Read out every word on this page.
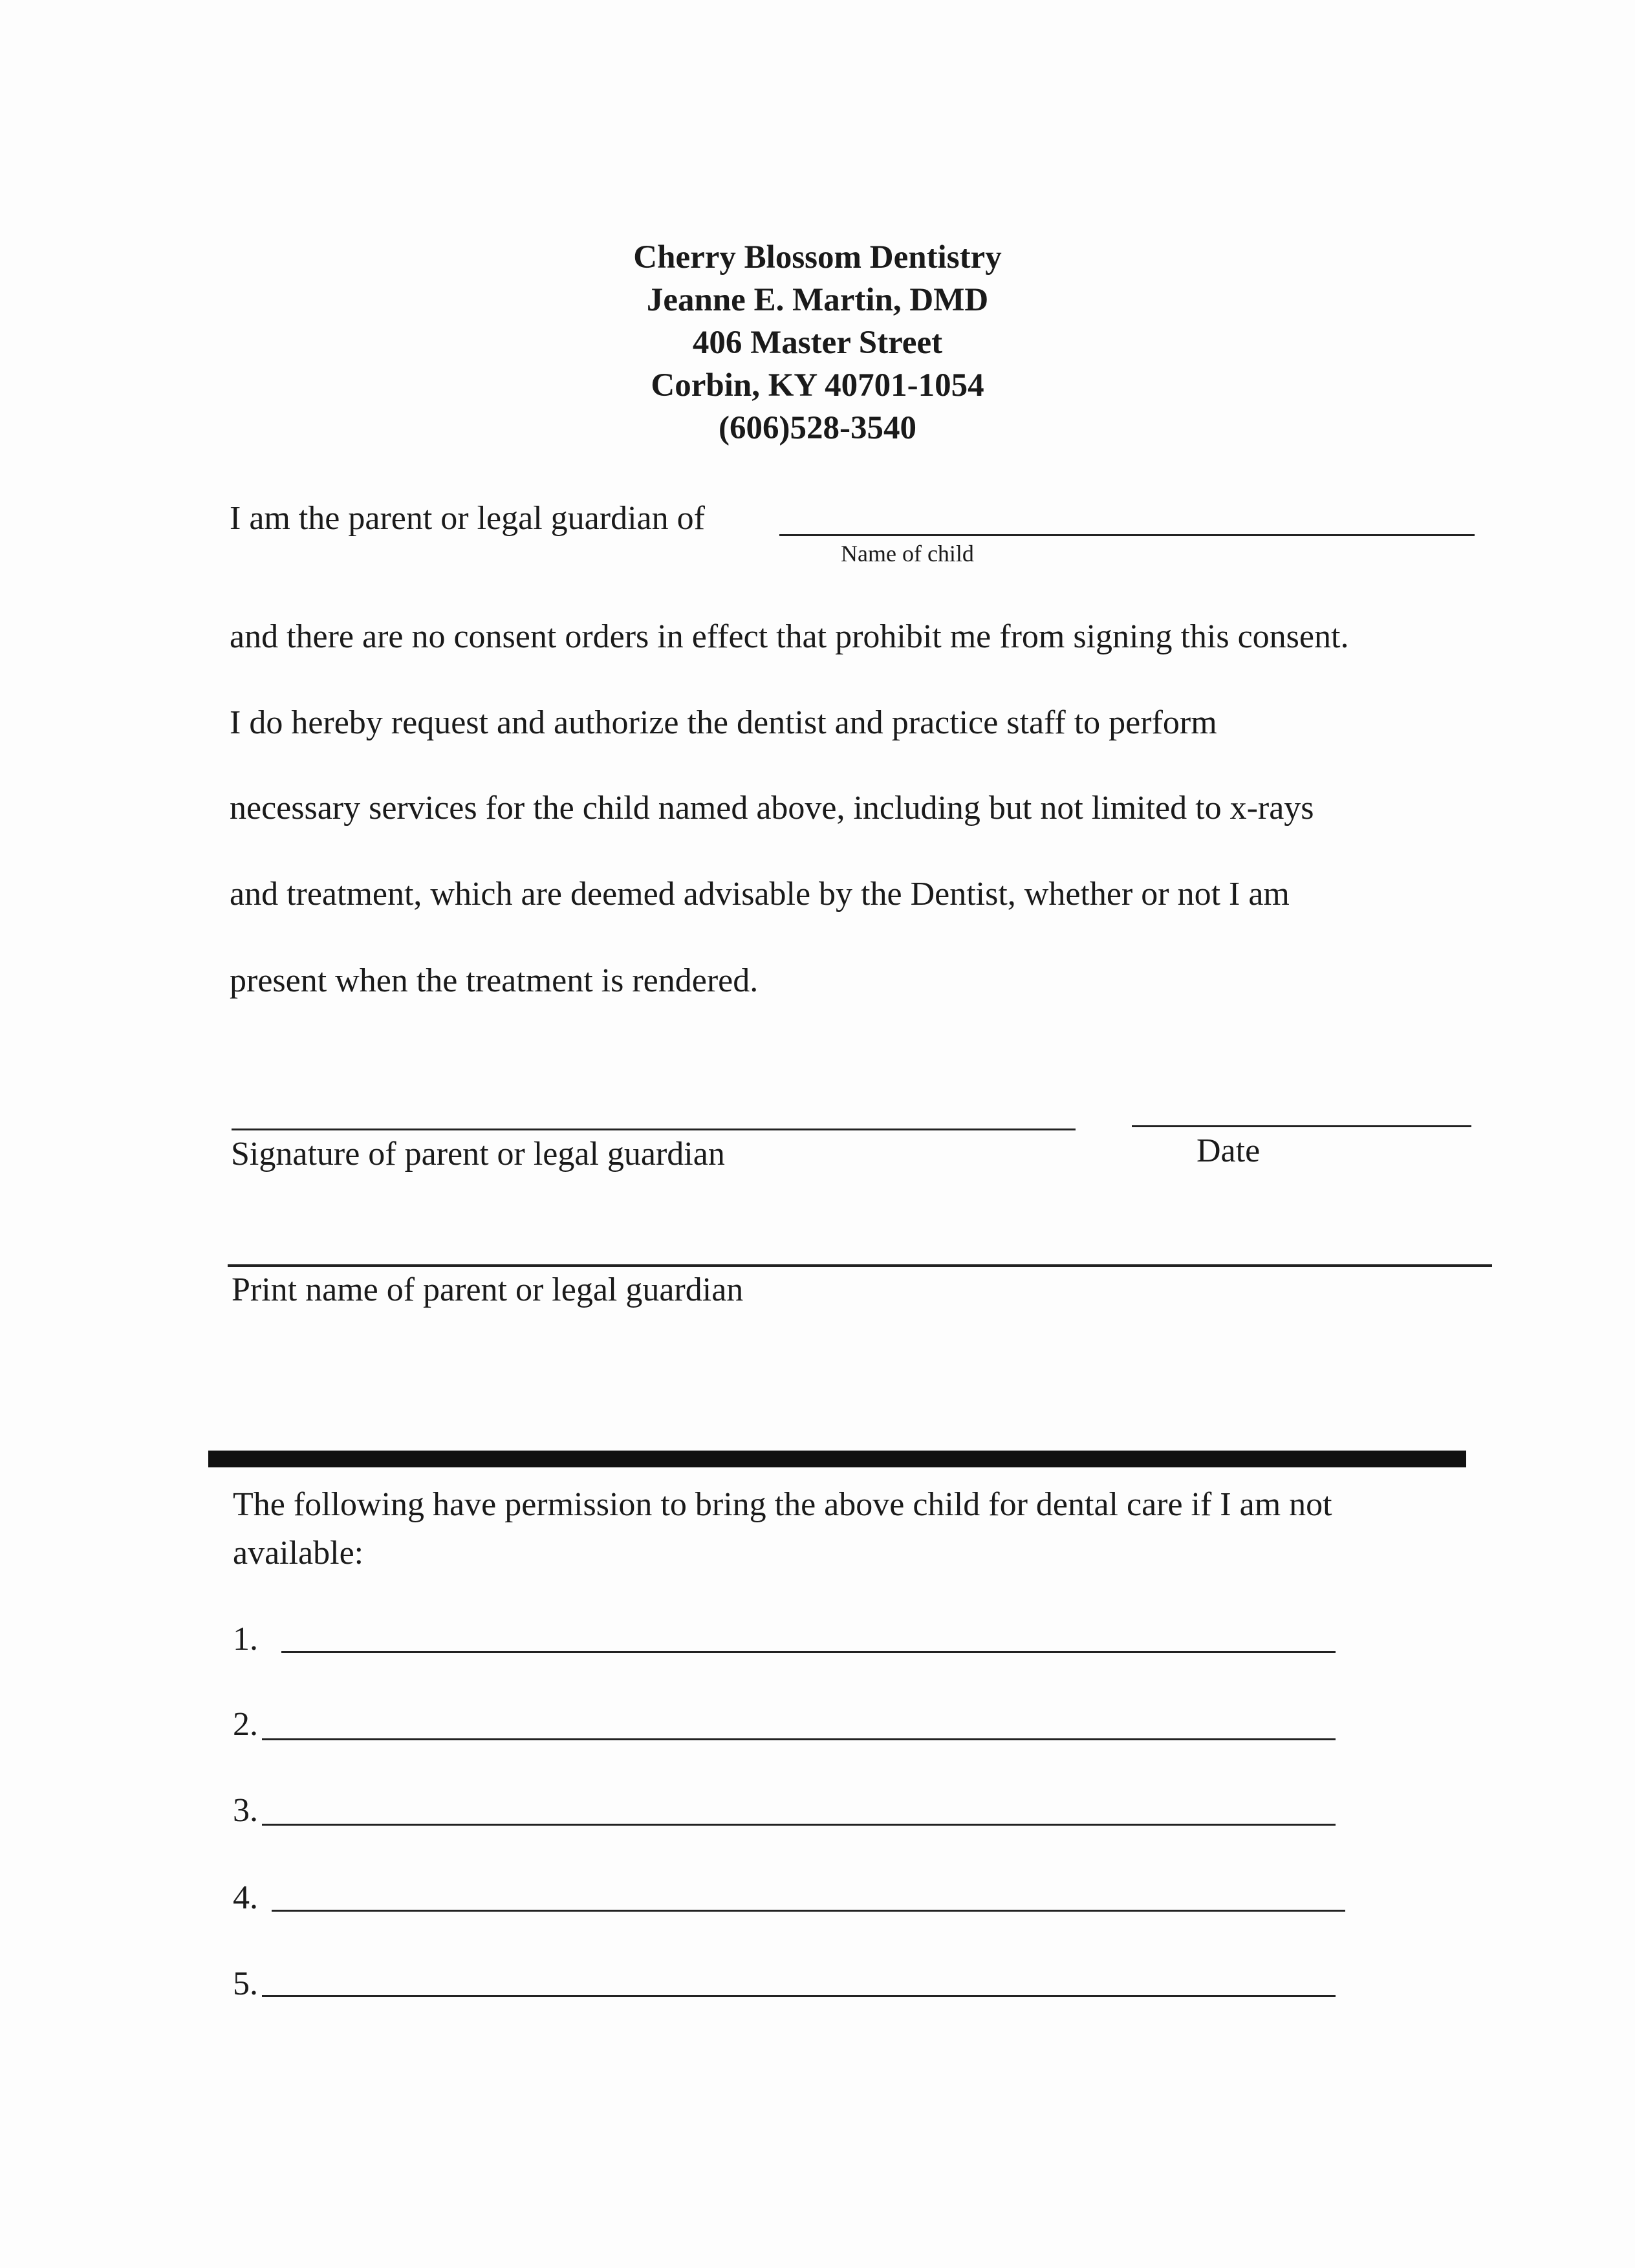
Cherry Blossom Dentistry
Jeanne E. Martin, DMD
406 Master Street
Corbin, KY 40701-1054
(606)528-3540
I am the parent or legal guardian of
Name of child
and there are no consent orders in effect that prohibit me from signing this consent.
I do hereby request and authorize the dentist and practice staff to perform
necessary services for the child named above, including but not limited to x-rays
and treatment, which are deemed advisable by the Dentist, whether or not I am
present when the treatment is rendered.
Signature of parent or legal guardian	Date
Print name of parent or legal guardian
The following have permission to bring the above child for dental care if I am not
available:
1.
2.
3.
4.
5.
